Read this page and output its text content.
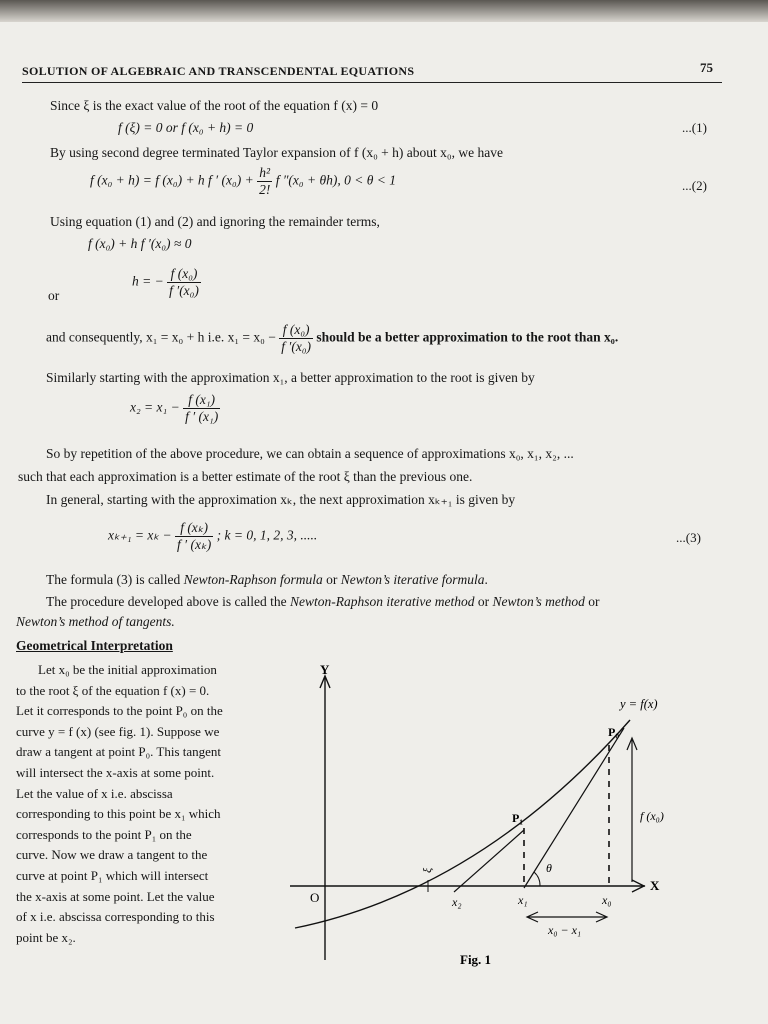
SOLUTION OF ALGEBRAIC AND TRANSCENDENTAL EQUATIONS	75
Since ξ is the exact value of the root of the equation f (x) = 0
f (ξ) = 0 or f (x₀ + h) = 0	...(1)
By using second degree terminated Taylor expansion of f (x₀ + h) about x₀, we have
f (x₀ + h) = f (x₀) + h f ′ $(x_0) + \frac{\text{h²}}{2!}$ f ″(x₀ + θh), 0 < θ < 1	...(2)
Using equation (1) and (2) and ignoring the remainder terms,
f (x₀) + h f ′(x₀) ≈ 0
or
h = − $\frac{\text{f (x₀)}}{\text{f ′(x₀)}}$
and consequently, x₁ = x₀ + h i.e. $x_1 = x_0 - \frac{\text{f (x₀)}}{\text{f ′(x₀)}}$ should be a better approximation to the root than x₀.
Similarly starting with the approximation x₁, a better approximation to the root is given by
$x_2 = x_1 - \frac{\text{f (x₁)}}{\text{f ′ (x₁)}}$
So by repetition of the above procedure, we can obtain a sequence of approximations x₀, x₁, x₂, ...
such that each approximation is a better estimate of the root ξ than the previous one.
In general, starting with the approximation xₖ, the next approximation xₖ₊₁ is given by
$x_{k+1} = x_k - \frac{\text{f (xₖ)}}{\text{f ′ (xₖ)}}$ ; k = 0, 1, 2, 3, .....	...(3)
The formula (3) is called Newton-Raphson formula or Newton’s iterative formula.
The procedure developed above is called the Newton-Raphson iterative method or Newton’s method or
Newton’s method of tangents.
Geometrical Interpretation
Let x₀ be the initial approximation
to the root ξ of the equation f (x) = 0.
Let it corresponds to the point P₀ on the
curve y = f (x) (see fig. 1). Suppose we
draw a tangent at point P₀. This tangent
will intersect the x-axis at some point.
Let the value of x i.e. abscissa
corresponding to this point be x₁ which
corresponds to the point P₁ on the
curve. Now we draw a tangent to the
curve at point P₁ which will intersect
the x-axis at some point. Let the value
of x i.e. abscissa corresponding to this
point be x₂.
Y
X
O
y = f(x)
P₀
P₁	f (x₀)
θ
ξ
x₂	x₁	x₀
x₀ − x₁
Fig. 1
